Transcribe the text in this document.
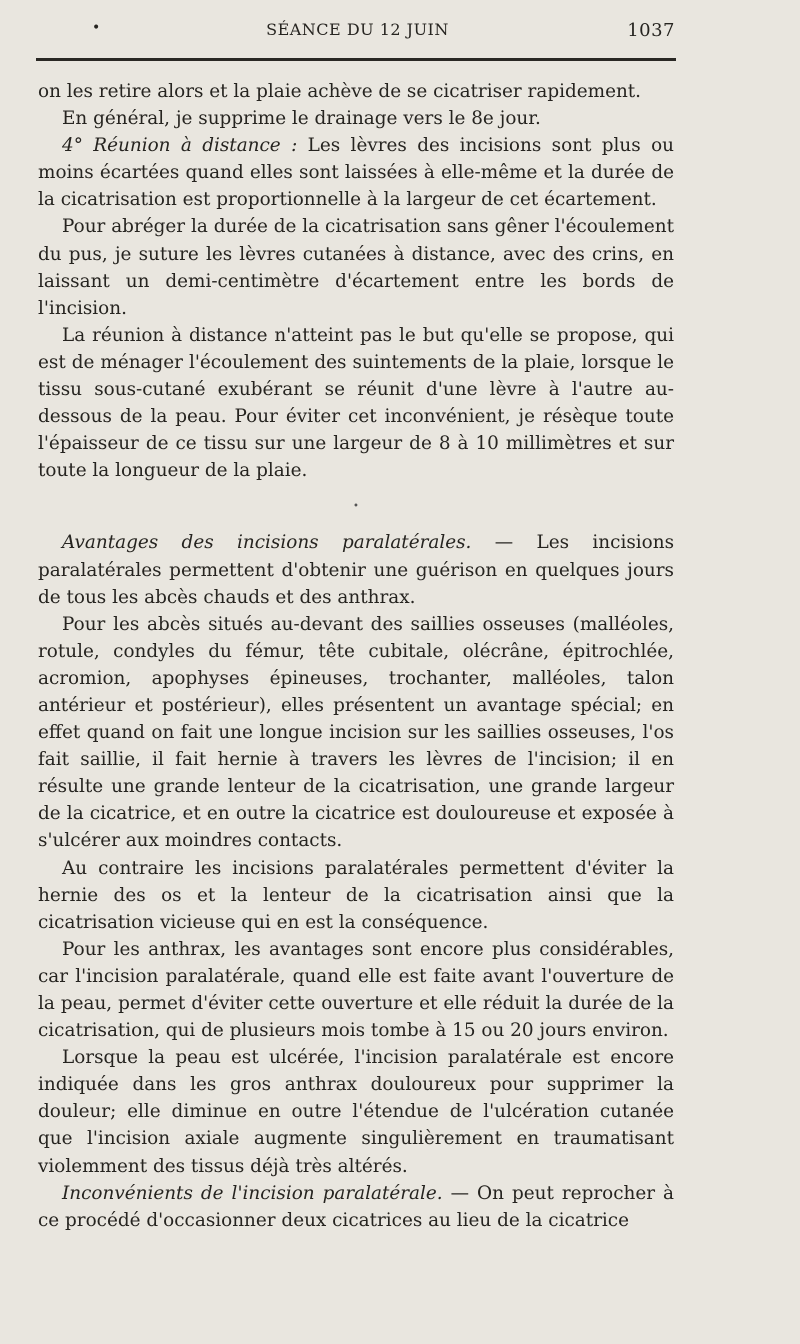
•	SÉANCE DU 12 JUIN	1037

on les retire alors et la plaie achève de se cicatriser rapidement.

En général, je supprime le drainage vers le 8e jour.

4° Réunion à distance : Les lèvres des incisions sont plus ou moins écartées quand elles sont laissées à elle-même et la durée de la cicatrisation est proportionnelle à la largeur de cet écartement.

Pour abréger la durée de la cicatrisation sans gêner l'écoulement du pus, je suture les lèvres cutanées à distance, avec des crins, en laissant un demi-centimètre d'écartement entre les bords de l'incision.

La réunion à distance n'atteint pas le but qu'elle se propose, qui est de ménager l'écoulement des suintements de la plaie, lorsque le tissu sous-cutané exubérant se réunit d'une lèvre à l'autre au-dessous de la peau. Pour éviter cet inconvénient, je résèque toute l'épaisseur de ce tissu sur une largeur de 8 à 10 millimètres et sur toute la longueur de la plaie.

•

Avantages des incisions paralatérales. — Les incisions paralatérales permettent d'obtenir une guérison en quelques jours de tous les abcès chauds et des anthrax.

Pour les abcès situés au-devant des saillies osseuses (malléoles, rotule, condyles du fémur, tête cubitale, olécrâne, épitrochlée, acromion, apophyses épineuses, trochanter, malléoles, talon antérieur et postérieur), elles présentent un avantage spécial; en effet quand on fait une longue incision sur les saillies osseuses, l'os fait saillie, il fait hernie à travers les lèvres de l'incision; il en résulte une grande lenteur de la cicatrisation, une grande largeur de la cicatrice, et en outre la cicatrice est douloureuse et exposée à s'ulcérer aux moindres contacts.

Au contraire les incisions paralatérales permettent d'éviter la hernie des os et la lenteur de la cicatrisation ainsi que la cicatrisation vicieuse qui en est la conséquence.

Pour les anthrax, les avantages sont encore plus considérables, car l'incision paralatérale, quand elle est faite avant l'ouverture de la peau, permet d'éviter cette ouverture et elle réduit la durée de la cicatrisation, qui de plusieurs mois tombe à 15 ou 20 jours environ.

Lorsque la peau est ulcérée, l'incision paralatérale est encore indiquée dans les gros anthrax douloureux pour supprimer la douleur; elle diminue en outre l'étendue de l'ulcération cutanée que l'incision axiale augmente singulièrement en traumatisant violemment des tissus déjà très altérés.

Inconvénients de l'incision paralatérale. — On peut reprocher à ce procédé d'occasionner deux cicatrices au lieu de la cicatrice
